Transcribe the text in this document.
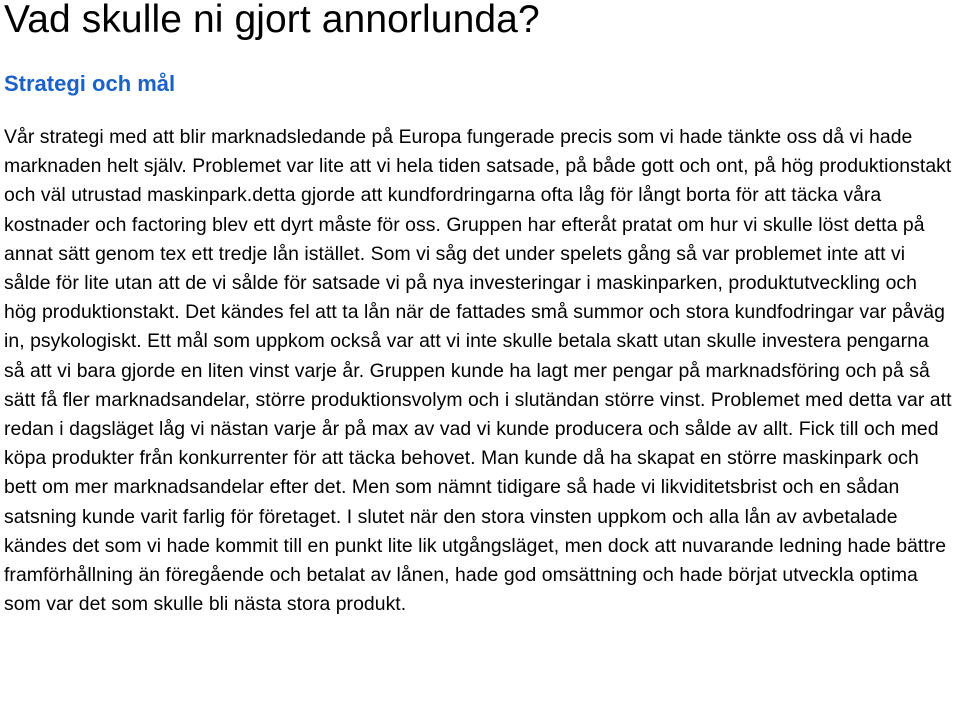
Vad skulle ni gjort annorlunda?
Strategi och mål

Vår strategi med att blir marknadsledande på Europa fungerade precis som vi hade tänkte oss då vi hade marknaden helt själv. Problemet var lite att vi hela tiden satsade, på både gott och ont, på hög produktionstakt och väl utrustad maskinpark.detta gjorde att kundfordringarna ofta låg för långt borta för att täcka våra kostnader och factoring blev ett dyrt måste för oss. Gruppen har efteråt pratat om hur vi skulle löst detta på annat sätt genom tex ett tredje lån istället. Som vi såg det under spelets gång så var problemet inte att vi sålde för lite utan att de vi sålde för satsade vi på nya investeringar i maskinparken, produktutveckling och hög produktionstakt. Det kändes fel att ta lån när de fattades små summor och stora kundfodringar var påväg in, psykologiskt. Ett mål som uppkom också var att vi inte skulle betala skatt utan skulle investera pengarna så att vi bara gjorde en liten vinst varje år. Gruppen kunde ha lagt mer pengar på marknadsföring och på så sätt få fler marknadsandelar, större produktionsvolym och i slutändan större vinst. Problemet med detta var att redan i dagsläget låg vi nästan varje år på max av vad vi kunde producera och sålde av allt. Fick till och med köpa produkter från konkurrenter för att täcka behovet. Man kunde då ha skapat en större maskinpark och bett om mer marknadsandelar efter det. Men som nämnt tidigare så hade vi likviditetsbrist och en sådan satsning kunde varit farlig för företaget. I slutet när den stora vinsten uppkom och alla lån av avbetalade kändes det som vi hade kommit till en punkt lite lik utgångsläget, men dock att nuvarande ledning hade bättre framförhållning än föregående och betalat av lånen, hade god omsättning och hade börjat utveckla optima som var det som skulle bli nästa stora produkt.
